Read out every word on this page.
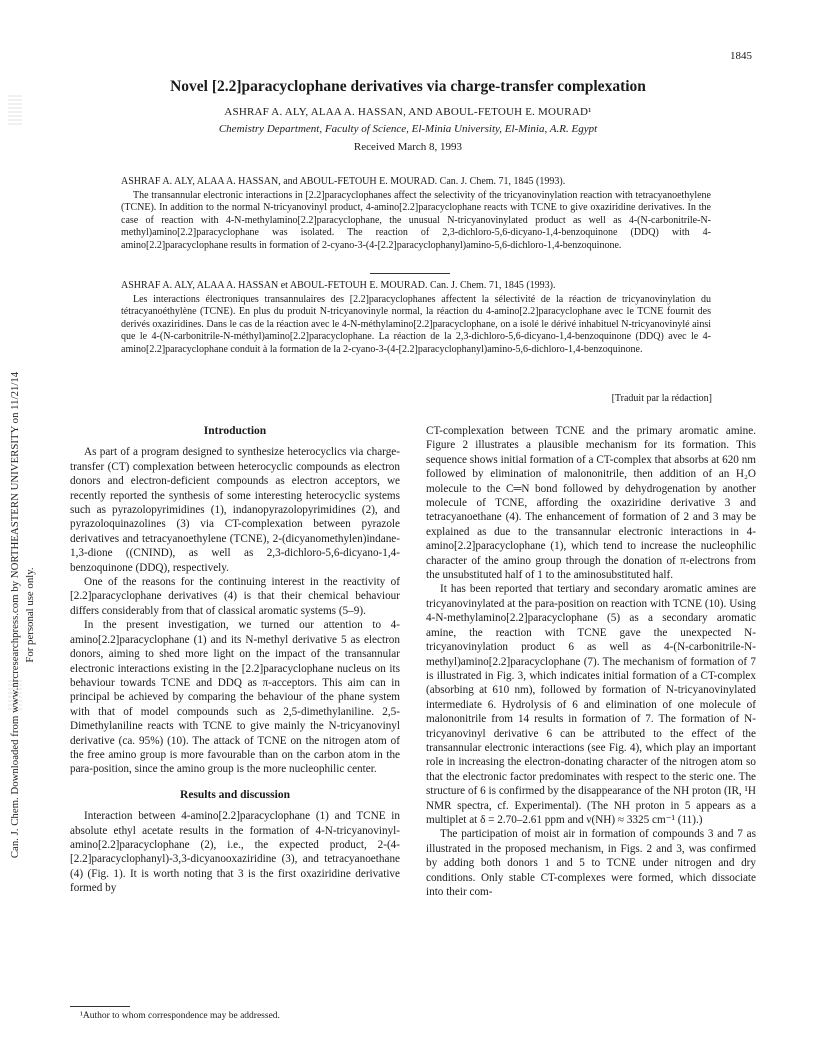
1845
Novel [2.2]paracyclophane derivatives via charge-transfer complexation
ASHRAF A. ALY, ALAA A. HASSAN, AND ABOUL-FETOUH E. MOURAD¹
Chemistry Department, Faculty of Science, El-Minia University, El-Minia, A.R. Egypt
Received March 8, 1993

ASHRAF A. ALY, ALAA A. HASSAN, and ABOUL-FETOUH E. MOURAD. Can. J. Chem. 71, 1845 (1993).

The transannular electronic interactions in [2.2]paracyclophanes affect the selectivity of the tricyanovinylation reaction with tetracyanoethylene (TCNE). In addition to the normal N-tricyanovinyl product, 4-amino[2.2]paracyclophane reacts with TCNE to give oxaziridine derivatives. In the case of reaction with 4-N-methylamino[2.2]paracyclophane, the unusual N-tricyanovinylated product as well as 4-(N-carbonitrile-N-methyl)amino[2.2]paracyclophane was isolated. The reaction of 2,3-dichloro-5,6-dicyano-1,4-benzoquinone (DDQ) with 4-amino[2.2]paracyclophane results in formation of 2-cyano-3-(4-[2.2]paracyclophanyl)amino-5,6-dichloro-1,4-benzoquinone.

ASHRAF A. ALY, ALAA A. HASSAN et ABOUL-FETOUH E. MOURAD. Can. J. Chem. 71, 1845 (1993).

Les interactions électroniques transannulaires des [2.2]paracyclophanes affectent la sélectivité de la réaction de tricyanovinylation du tétracyanoéthylène (TCNE). En plus du produit N-tricyanovinyle normal, la réaction du 4-amino[2.2]paracyclophane avec le TCNE fournit des derivés oxaziridines. Dans le cas de la réaction avec le 4-N-méthylamino[2.2]paracyclophane, on a isolé le dérivé inhabituel N-tricyanovinylé ainsi que le 4-(N-carbonitrile-N-méthyl)amino[2.2]paracyclophane. La réaction de la 2,3-dichloro-5,6-dicyano-1,4-benzoquinone (DDQ) avec le 4-amino[2.2]paracyclophane conduit à la formation de la 2-cyano-3-(4-[2.2]paracyclophanyl)amino-5,6-dichloro-1,4-benzoquinone.

[Traduit par la rédaction]
Introduction

As part of a program designed to synthesize heterocyclics via charge-transfer (CT) complexation between heterocyclic compounds as electron donors and electron-deficient compounds as electron acceptors, we recently reported the synthesis of some interesting heterocyclic systems such as pyrazolopyrimidines (1), indanopyrazolopyrimidines (2), and pyrazoloquinazolines (3) via CT-complexation between pyrazole derivatives and tetracyanoethylene (TCNE), 2-(dicyanomethylen)indane-1,3-dione ((CNIND), as well as 2,3-dichloro-5,6-dicyano-1,4-benzoquinone (DDQ), respectively.

One of the reasons for the continuing interest in the reactivity of [2.2]paracyclophane derivatives (4) is that their chemical behaviour differs considerably from that of classical aromatic systems (5–9).

In the present investigation, we turned our attention to 4-amino[2.2]paracyclophane (1) and its N-methyl derivative 5 as electron donors, aiming to shed more light on the impact of the transannular electronic interactions existing in the [2.2]paracyclophane nucleus on its behaviour towards TCNE and DDQ as π-acceptors. This aim can in principal be achieved by comparing the behaviour of the phane system with that of model compounds such as 2,5-dimethylaniline. 2,5-Dimethylaniline reacts with TCNE to give mainly the N-tricyanovinyl derivative (ca. 95%) (10). The attack of TCNE on the nitrogen atom of the free amino group is more favourable than on the carbon atom in the para-position, since the amino group is the more nucleophilic center.

Results and discussion

Interaction between 4-amino[2.2]paracyclophane (1) and TCNE in absolute ethyl acetate results in the formation of 4-N-tricyanovinyl-amino[2.2]paracyclophane (2), i.e., the expected product, 2-(4-[2.2]paracyclophanyl)-3,3-dicyanooxaziridine (3), and tetracyanoethane (4) (Fig. 1). It is worth noting that 3 is the first oxaziridine derivative formed by

CT-complexation between TCNE and the primary aromatic amine. Figure 2 illustrates a plausible mechanism for its formation. This sequence shows initial formation of a CT-complex that absorbs at 620 nm followed by elimination of malononitrile, then addition of an H₂O molecule to the C═N bond followed by dehydrogenation by another molecule of TCNE, affording the oxaziridine derivative 3 and tetracyanoethane (4). The enhancement of formation of 2 and 3 may be explained as due to the transannular electronic interactions in 4-amino[2.2]paracyclophane (1), which tend to increase the nucleophilic character of the amino group through the donation of π-electrons from the unsubstituted half of 1 to the aminosubstituted half.

It has been reported that tertiary and secondary aromatic amines are tricyanovinylated at the para-position on reaction with TCNE (10). Using 4-N-methylamino[2.2]paracyclophane (5) as a secondary aromatic amine, the reaction with TCNE gave the unexpected N-tricyanovinylation product 6 as well as 4-(N-carbonitrile-N-methyl)amino[2.2]paracyclophane (7). The mechanism of formation of 7 is illustrated in Fig. 3, which indicates initial formation of a CT-complex (absorbing at 610 nm), followed by formation of N-tricyanovinylated intermediate 6. Hydrolysis of 6 and elimination of one molecule of malononitrile from 14 results in formation of 7. The formation of N-tricyanovinyl derivative 6 can be attributed to the effect of the transannular electronic interactions (see Fig. 4), which play an important role in increasing the electron-donating character of the nitrogen atom so that the electronic factor predominates with respect to the steric one. The structure of 6 is confirmed by the disappearance of the NH proton (IR, ¹H NMR spectra, cf. Experimental). (The NH proton in 5 appears as a multiplet at δ = 2.70–2.61 ppm and ν(NH) ≈ 3325 cm⁻¹ (11).)

The participation of moist air in formation of compounds 3 and 7 as illustrated in the proposed mechanism, in Figs. 2 and 3, was confirmed by adding both donors 1 and 5 to TCNE under nitrogen and dry conditions. Only stable CT-complexes were formed, which dissociate into their com-

¹Author to whom correspondence may be addressed.
Can. J. Chem. Downloaded from www.nrcresearchpress.com by NORTHEASTERN UNIVERSITY on 11/21/14 For personal use only.
